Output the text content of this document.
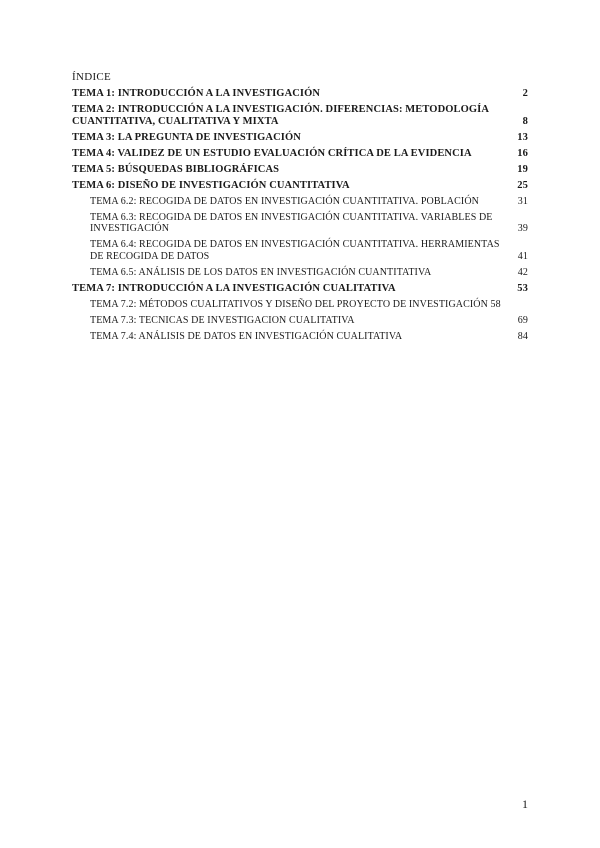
ÍNDICE
TEMA 1: INTRODUCCIÓN A LA INVESTIGACIÓN	2
TEMA 2: INTRODUCCIÓN A LA INVESTIGACIÓN. DIFERENCIAS: METODOLOGÍA CUANTITATIVA, CUALITATIVA Y MIXTA	8
TEMA 3: LA PREGUNTA DE INVESTIGACIÓN	13
TEMA 4: VALIDEZ DE UN ESTUDIO EVALUACIÓN CRÍTICA DE LA EVIDENCIA	16
TEMA 5: BÚSQUEDAS BIBLIOGRÁFICAS	19
TEMA 6: DISEÑO DE INVESTIGACIÓN CUANTITATIVA	25
TEMA 6.2: RECOGIDA DE DATOS EN INVESTIGACIÓN CUANTITATIVA. POBLACIÓN	31
TEMA 6.3: RECOGIDA DE DATOS EN INVESTIGACIÓN CUANTITATIVA. VARIABLES DE INVESTIGACIÓN	39
TEMA 6.4: RECOGIDA DE DATOS EN INVESTIGACIÓN CUANTITATIVA. HERRAMIENTAS DE RECOGIDA DE DATOS	41
TEMA 6.5: ANÁLISIS DE LOS DATOS EN INVESTIGACIÓN CUANTITATIVA	42
TEMA 7: INTRODUCCIÓN A LA INVESTIGACIÓN CUALITATIVA	53
TEMA 7.2: MÉTODOS CUALITATIVOS Y DISEÑO DEL PROYECTO DE INVESTIGACIÓN 58
TEMA 7.3: TECNICAS DE INVESTIGACION CUALITATIVA	69
TEMA 7.4: ANÁLISIS DE DATOS EN INVESTIGACIÓN CUALITATIVA	84
1
